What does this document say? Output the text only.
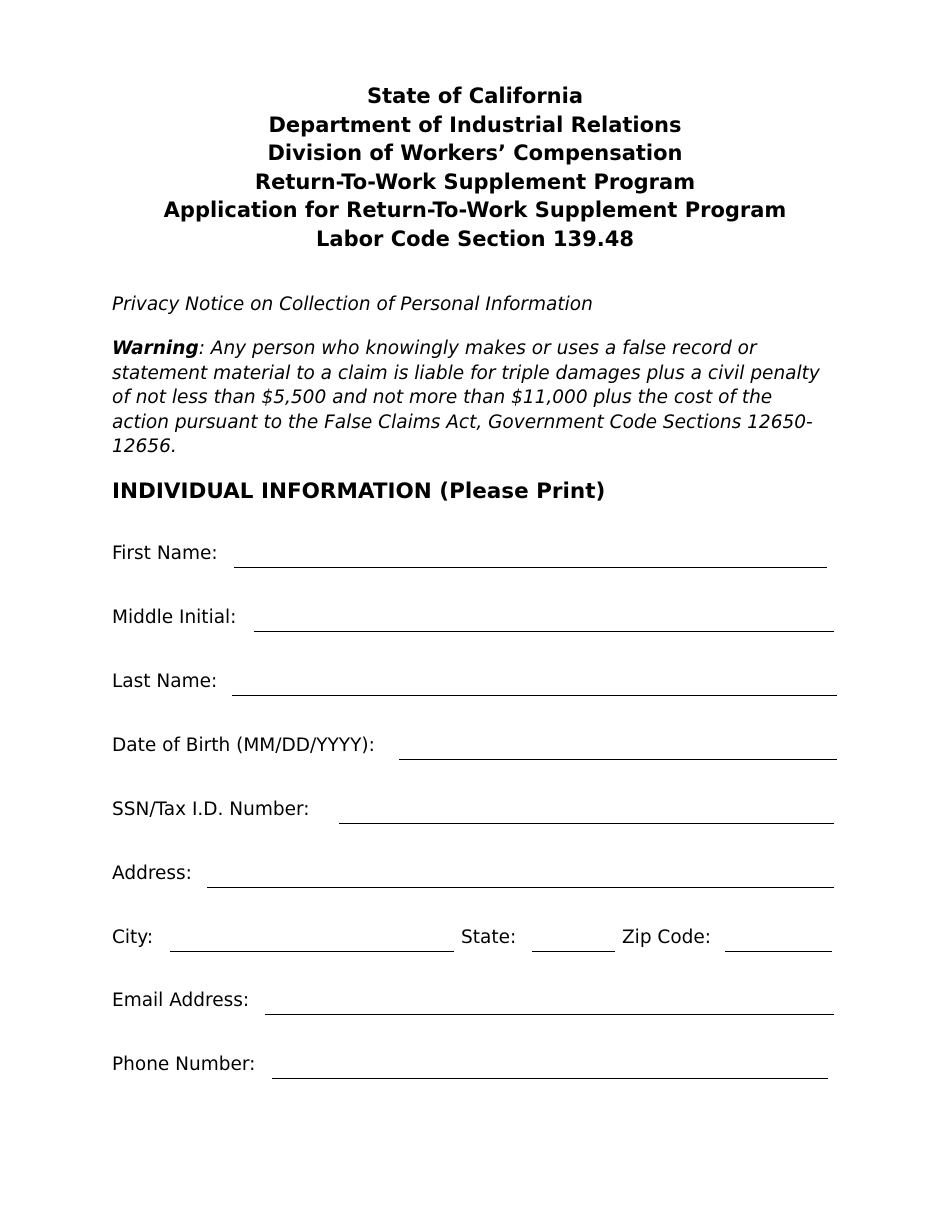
State of California
Department of Industrial Relations
Division of Workers’ Compensation
Return-To-Work Supplement Program
Application for Return-To-Work Supplement Program
Labor Code Section 139.48
Privacy Notice on Collection of Personal Information
Warning: Any person who knowingly makes or uses a false record or
statement material to a claim is liable for triple damages plus a civil penalty
of not less than $5,500 and not more than $11,000 plus the cost of the
action pursuant to the False Claims Act, Government Code Sections 12650-
12656.
INDIVIDUAL INFORMATION (Please Print)
First Name:
Middle Initial:
Last Name:
Date of Birth (MM/DD/YYYY):
SSN/Tax I.D. Number:
Address:
City:	State:	Zip Code:
Email Address:
Phone Number:
